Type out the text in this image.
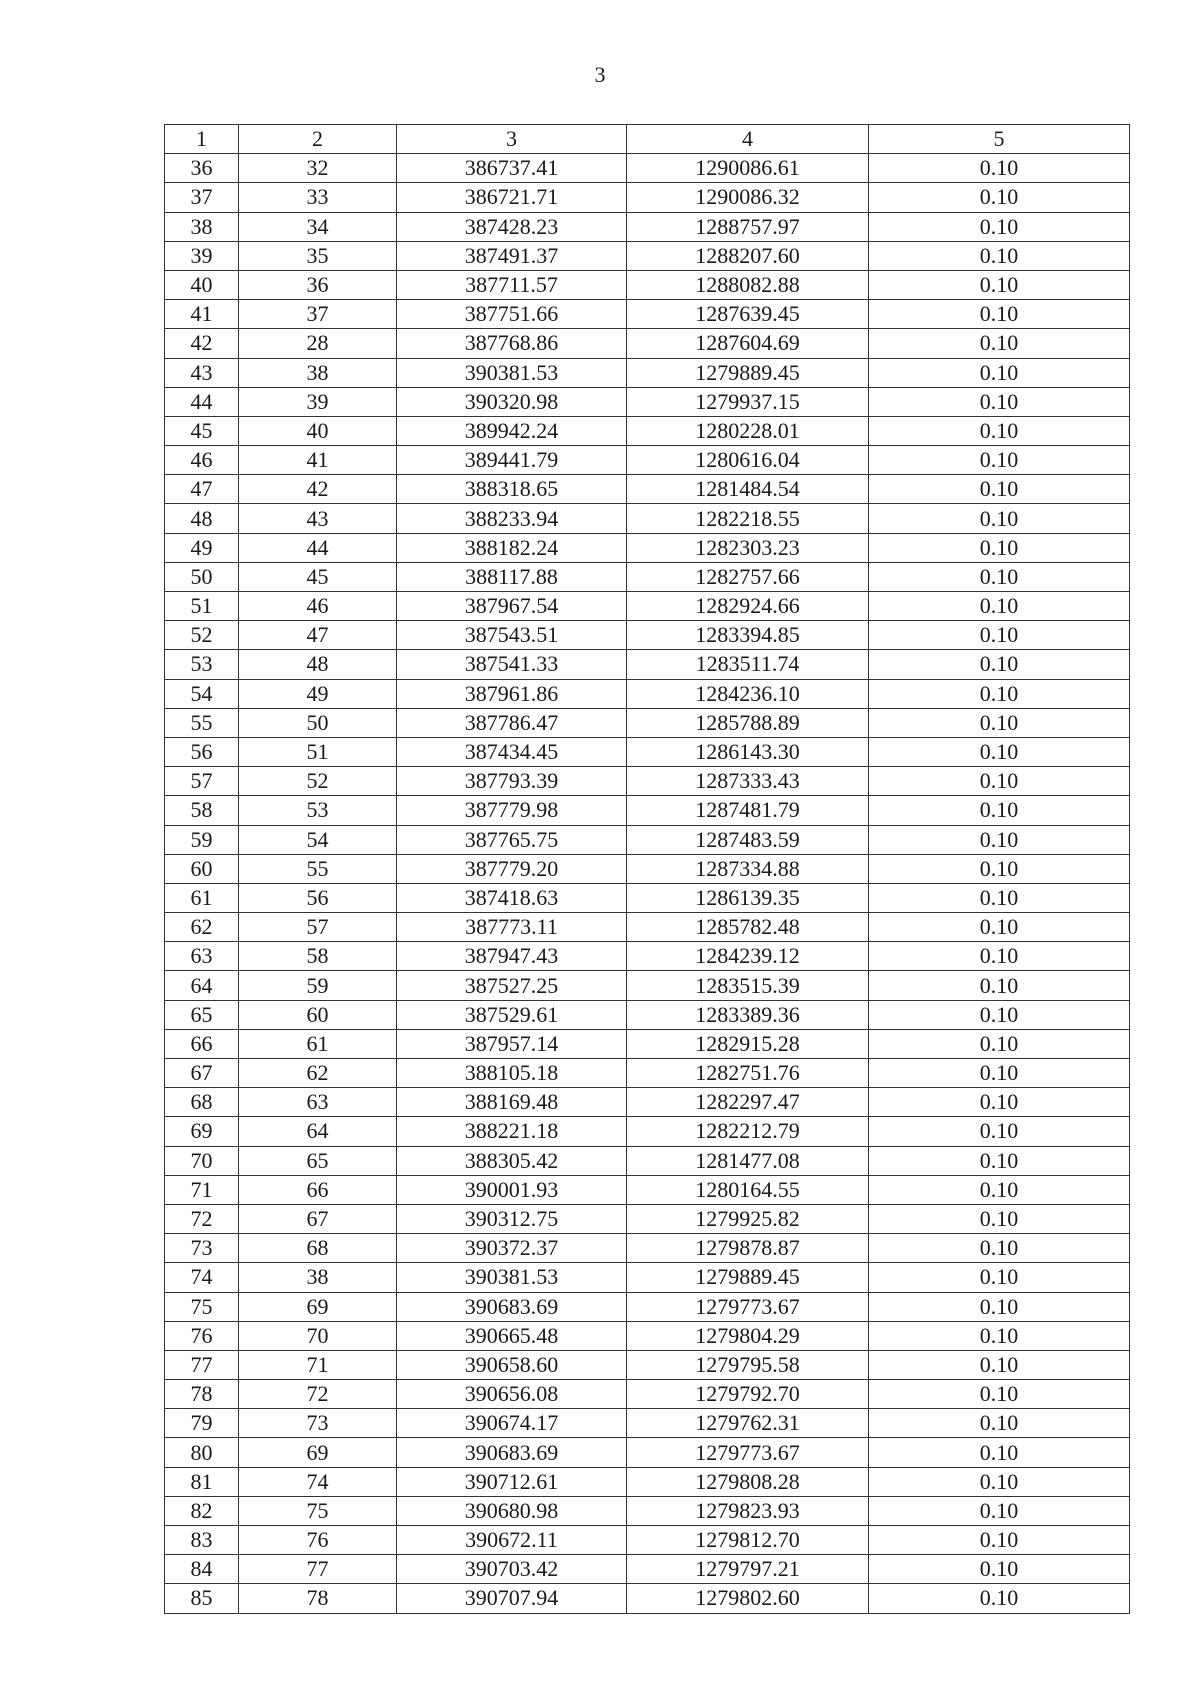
3
1	2	3	4	5
36	32	386737.41	1290086.61	0.10
37	33	386721.71	1290086.32	0.10
38	34	387428.23	1288757.97	0.10
39	35	387491.37	1288207.60	0.10
40	36	387711.57	1288082.88	0.10
41	37	387751.66	1287639.45	0.10
42	28	387768.86	1287604.69	0.10
43	38	390381.53	1279889.45	0.10
44	39	390320.98	1279937.15	0.10
45	40	389942.24	1280228.01	0.10
46	41	389441.79	1280616.04	0.10
47	42	388318.65	1281484.54	0.10
48	43	388233.94	1282218.55	0.10
49	44	388182.24	1282303.23	0.10
50	45	388117.88	1282757.66	0.10
51	46	387967.54	1282924.66	0.10
52	47	387543.51	1283394.85	0.10
53	48	387541.33	1283511.74	0.10
54	49	387961.86	1284236.10	0.10
55	50	387786.47	1285788.89	0.10
56	51	387434.45	1286143.30	0.10
57	52	387793.39	1287333.43	0.10
58	53	387779.98	1287481.79	0.10
59	54	387765.75	1287483.59	0.10
60	55	387779.20	1287334.88	0.10
61	56	387418.63	1286139.35	0.10
62	57	387773.11	1285782.48	0.10
63	58	387947.43	1284239.12	0.10
64	59	387527.25	1283515.39	0.10
65	60	387529.61	1283389.36	0.10
66	61	387957.14	1282915.28	0.10
67	62	388105.18	1282751.76	0.10
68	63	388169.48	1282297.47	0.10
69	64	388221.18	1282212.79	0.10
70	65	388305.42	1281477.08	0.10
71	66	390001.93	1280164.55	0.10
72	67	390312.75	1279925.82	0.10
73	68	390372.37	1279878.87	0.10
74	38	390381.53	1279889.45	0.10
75	69	390683.69	1279773.67	0.10
76	70	390665.48	1279804.29	0.10
77	71	390658.60	1279795.58	0.10
78	72	390656.08	1279792.70	0.10
79	73	390674.17	1279762.31	0.10
80	69	390683.69	1279773.67	0.10
81	74	390712.61	1279808.28	0.10
82	75	390680.98	1279823.93	0.10
83	76	390672.11	1279812.70	0.10
84	77	390703.42	1279797.21	0.10
85	78	390707.94	1279802.60	0.10
